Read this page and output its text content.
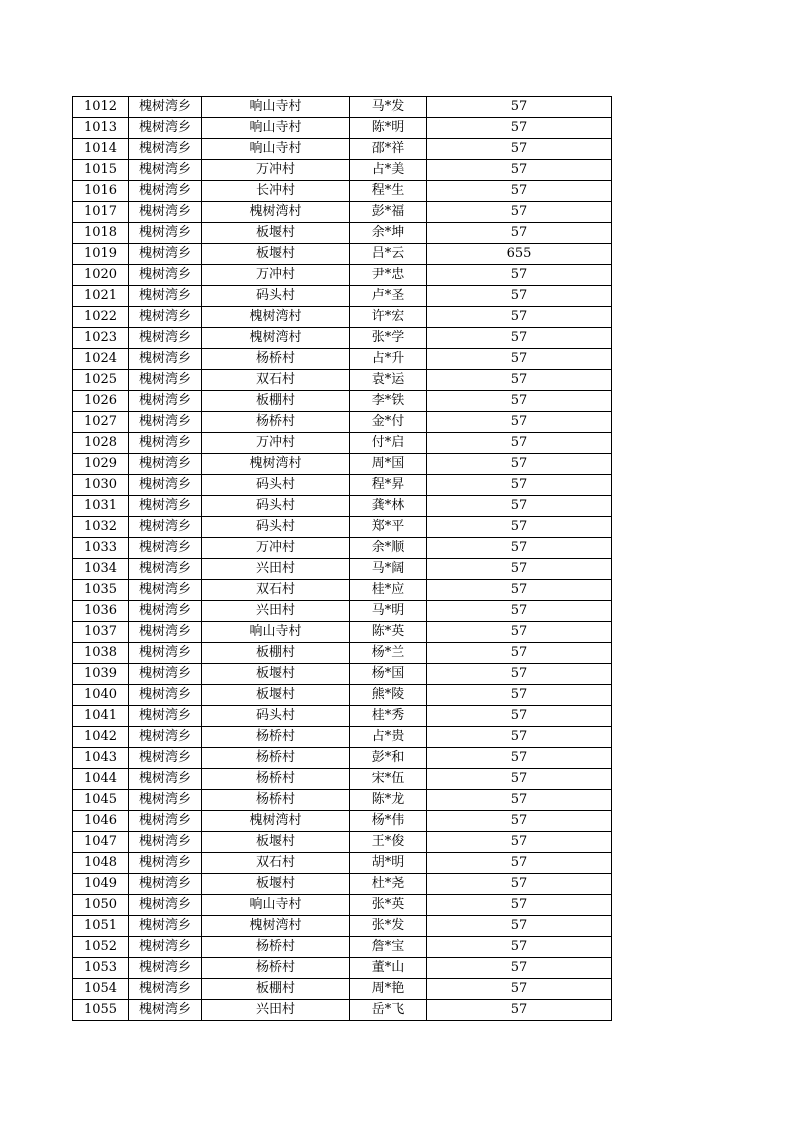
1012	槐树湾乡	响山寺村	马*发	57
1013	槐树湾乡	响山寺村	陈*明	57
1014	槐树湾乡	响山寺村	邵*祥	57
1015	槐树湾乡	万冲村	占*美	57
1016	槐树湾乡	长冲村	程*生	57
1017	槐树湾乡	槐树湾村	彭*福	57
1018	槐树湾乡	板堰村	余*坤	57
1019	槐树湾乡	板堰村	吕*云	655
1020	槐树湾乡	万冲村	尹*忠	57
1021	槐树湾乡	码头村	卢*圣	57
1022	槐树湾乡	槐树湾村	许*宏	57
1023	槐树湾乡	槐树湾村	张*学	57
1024	槐树湾乡	杨桥村	占*升	57
1025	槐树湾乡	双石村	袁*运	57
1026	槐树湾乡	板棚村	李*铁	57
1027	槐树湾乡	杨桥村	金*付	57
1028	槐树湾乡	万冲村	付*启	57
1029	槐树湾乡	槐树湾村	周*国	57
1030	槐树湾乡	码头村	程*昇	57
1031	槐树湾乡	码头村	龚*林	57
1032	槐树湾乡	码头村	郑*平	57
1033	槐树湾乡	万冲村	余*顺	57
1034	槐树湾乡	兴田村	马*阔	57
1035	槐树湾乡	双石村	桂*应	57
1036	槐树湾乡	兴田村	马*明	57
1037	槐树湾乡	响山寺村	陈*英	57
1038	槐树湾乡	板棚村	杨*兰	57
1039	槐树湾乡	板堰村	杨*国	57
1040	槐树湾乡	板堰村	熊*陵	57
1041	槐树湾乡	码头村	桂*秀	57
1042	槐树湾乡	杨桥村	占*贵	57
1043	槐树湾乡	杨桥村	彭*和	57
1044	槐树湾乡	杨桥村	宋*伍	57
1045	槐树湾乡	杨桥村	陈*龙	57
1046	槐树湾乡	槐树湾村	杨*伟	57
1047	槐树湾乡	板堰村	王*俊	57
1048	槐树湾乡	双石村	胡*明	57
1049	槐树湾乡	板堰村	杜*尧	57
1050	槐树湾乡	响山寺村	张*英	57
1051	槐树湾乡	槐树湾村	张*发	57
1052	槐树湾乡	杨桥村	詹*宝	57
1053	槐树湾乡	杨桥村	董*山	57
1054	槐树湾乡	板棚村	周*艳	57
1055	槐树湾乡	兴田村	岳*飞	57
